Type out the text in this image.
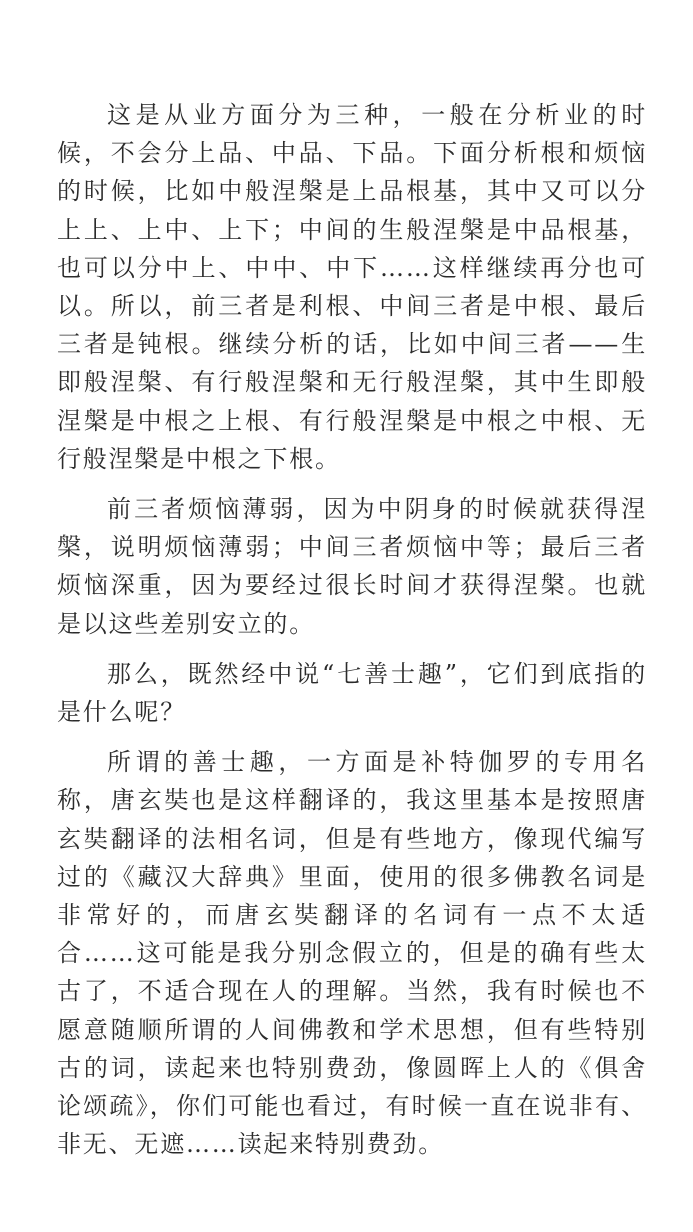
这是从业方面分为三种，一般在分析业的时候，不会分上品、中品、下品。下面分析根和烦恼的时候，比如中般涅槃是上品根基，其中又可以分上上、上中、上下；中间的生般涅槃是中品根基，也可以分中上、中中、中下……这样继续再分也可以。所以，前三者是利根、中间三者是中根、最后三者是钝根。继续分析的话，比如中间三者——生即般涅槃、有行般涅槃和无行般涅槃，其中生即般涅槃是中根之上根、有行般涅槃是中根之中根、无行般涅槃是中根之下根。

前三者烦恼薄弱，因为中阴身的时候就获得涅槃，说明烦恼薄弱；中间三者烦恼中等；最后三者烦恼深重，因为要经过很长时间才获得涅槃。也就是以这些差别安立的。

那么，既然经中说“七善士趣”，它们到底指的是什么呢？

所谓的善士趣，一方面是补特伽罗的专用名称，唐玄奘也是这样翻译的，我这里基本是按照唐玄奘翻译的法相名词，但是有些地方，像现代编写过的《藏汉大辞典》里面，使用的很多佛教名词是非常好的，而唐玄奘翻译的名词有一点不太适合……这可能是我分别念假立的，但是的确有些太古了，不适合现在人的理解。当然，我有时候也不愿意随顺所谓的人间佛教和学术思想，但有些特别古的词，读起来也特别费劲，像圆晖上人的《俱舍论颂疏》，你们可能也看过，有时候一直在说非有、非无、无遮……读起来特别费劲。
